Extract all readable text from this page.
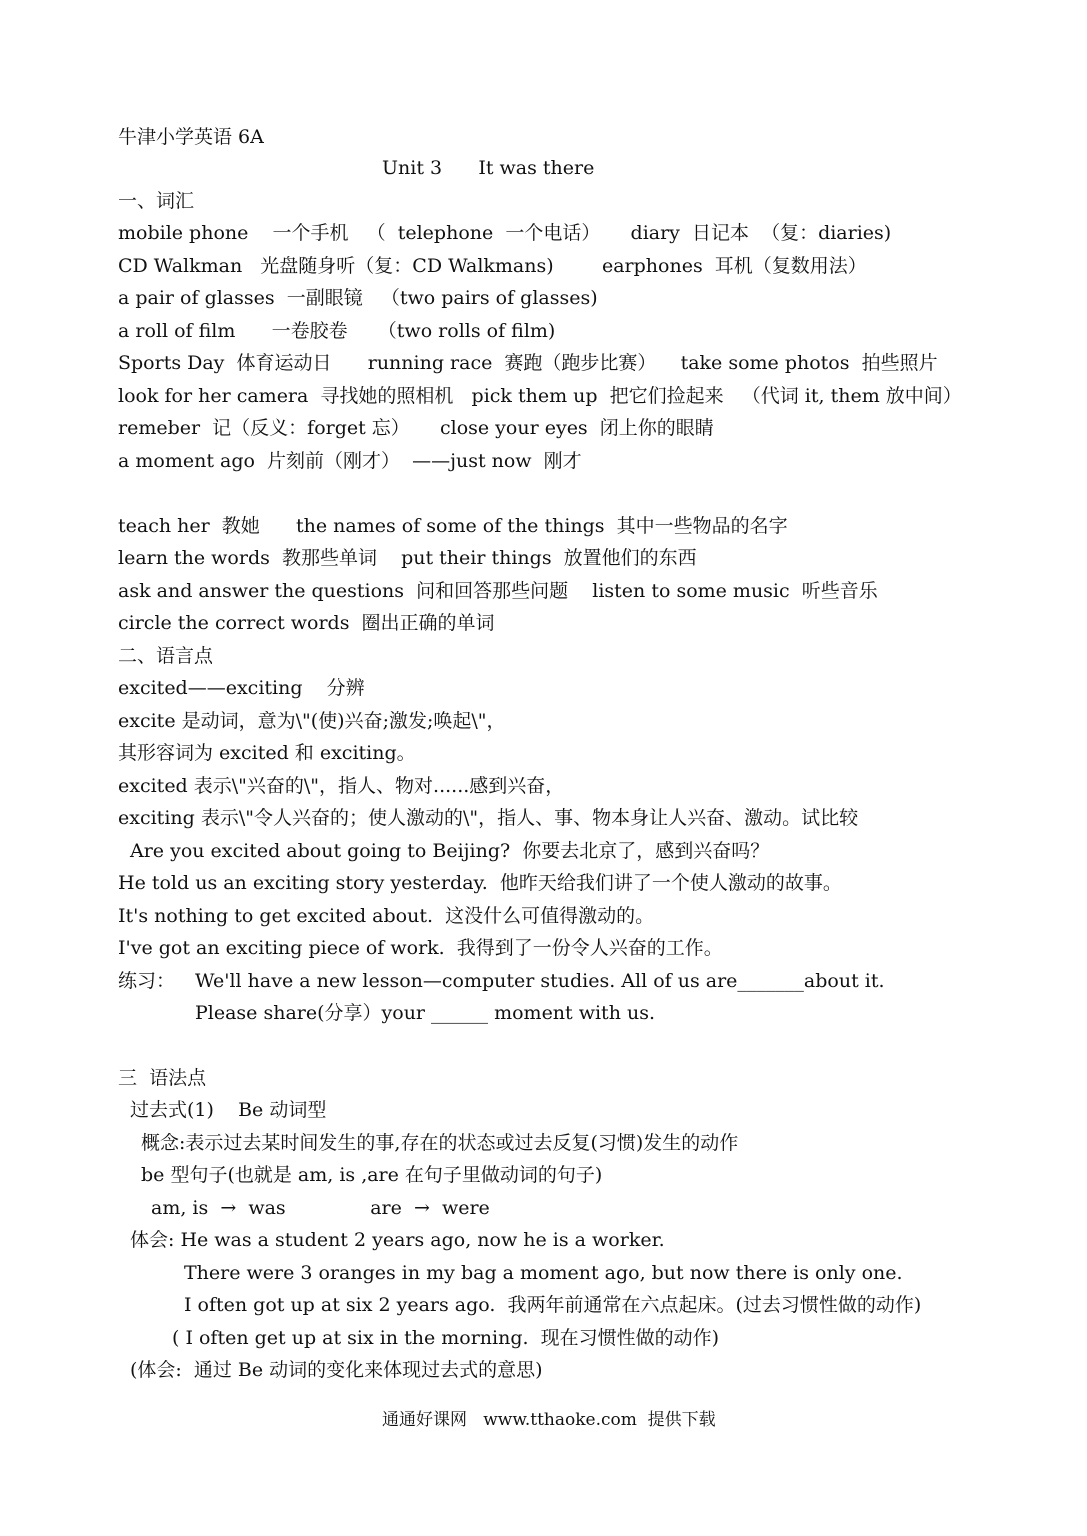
牛津小学英语 6A
Unit 3      It was there
一、词汇
mobile phone    一个手机   （  telephone  一个电话）     diary  日记本  （复：diaries)
CD Walkman   光盘随身听（复：CD Walkmans)        earphones  耳机（复数用法）
a pair of glasses  一副眼镜   （two pairs of glasses)
a roll of film      一卷胶卷     （two rolls of film)
Sports Day  体育运动日      running race  赛跑（跑步比赛）    take some photos  拍些照片
look for her camera  寻找她的照相机   pick them up  把它们捡起来   （代词 it, them 放中间）
remeber  记（反义：forget 忘）     close your eyes  闭上你的眼睛
a moment ago  片刻前（刚才）  ——just now  刚才
teach her  教她      the names of some of the things  其中一些物品的名字
learn the words  教那些单词    put their things  放置他们的东西
ask and answer the questions  问和回答那些问题    listen to some music  听些音乐
circle the correct words  圈出正确的单词
二、语言点
excited——exciting    分辨
excite 是动词，意为\"(使)兴奋;激发;唤起\"，
其形容词为 excited 和 exciting。
excited 表示\"兴奋的\"，指人、物对......感到兴奋，
exciting 表示\"令人兴奋的；使人激动的\"，指人、事、物本身让人兴奋、激动。试比较
Are you excited about going to Beijing?  你要去北京了，感到兴奋吗？
He told us an exciting story yesterday.  他昨天给我们讲了一个使人激动的故事。
It's nothing to get excited about.  这没什么可值得激动的。
I've got an exciting piece of work.  我得到了一份令人兴奋的工作。
练习： We'll have a new lesson—computer studies. All of us are_______about it.
Please share(分享）your ______ moment with us.
三  语法点
过去式(1)    Be 动词型
概念:表示过去某时间发生的事,存在的状态或过去反复(习惯)发生的动作
be 型句子(也就是 am, is ,are 在句子里做动词的句子)
am, is  →  was              are  →  were
体会: He was a student 2 years ago, now he is a worker.
There were 3 oranges in my bag a moment ago, but now there is only one.
I often got up at six 2 years ago.  我两年前通常在六点起床。(过去习惯性做的动作)
( I often get up at six in the morning.  现在习惯性做的动作)
(体会:  通过 Be 动词的变化来体现过去式的意思)
通通好课网   www.tthaoke.com  提供下载
